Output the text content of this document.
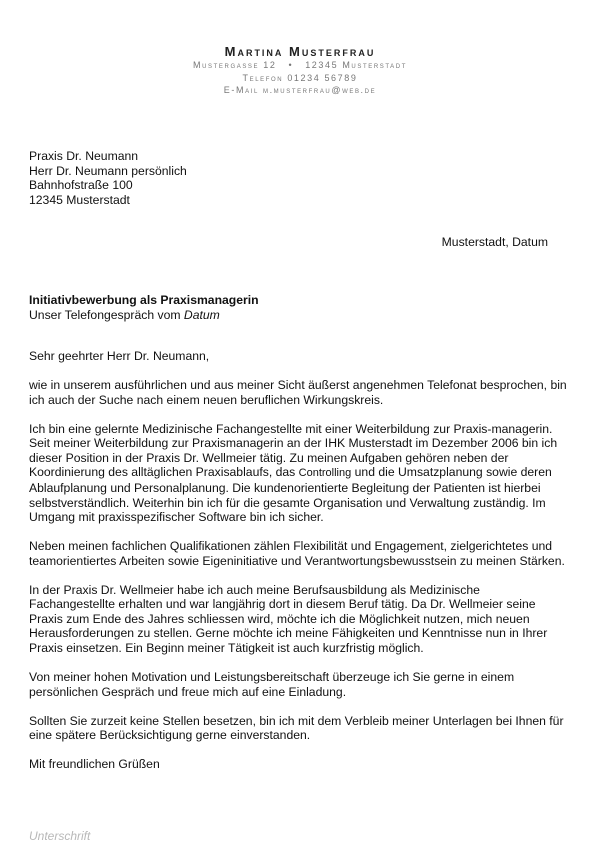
Martina Musterfrau
Mustergasse 12 • 12345 Musterstadt
Telefon 01234 56789
E-Mail m.musterfrau@web.de
Praxis Dr. Neumann
Herr Dr. Neumann persönlich
Bahnhofstraße 100
12345 Musterstadt
Musterstadt, Datum
Initiativbewerbung als Praxismanagerin
Unser Telefongespräch vom Datum

Sehr geehrter Herr Dr. Neumann,

wie in unserem ausführlichen und aus meiner Sicht äußerst angenehmen Telefonat besprochen, bin ich auch der Suche nach einem neuen beruflichen Wirkungskreis.

Ich bin eine gelernte Medizinische Fachangestellte mit einer Weiterbildung zur Praxis-managerin. Seit meiner Weiterbildung zur Praxismanagerin an der IHK Musterstadt im Dezember 2006 bin ich dieser Position in der Praxis Dr. Wellmeier tätig. Zu meinen Aufgaben gehören neben der Koordinierung des alltäglichen Praxisablaufs, das Controlling und die Umsatzplanung sowie deren Ablaufplanung und Personalplanung. Die kundenorientierte Begleitung der Patienten ist hierbei selbstverständlich. Weiterhin bin ich für die gesamte Organisation und Verwaltung zuständig. Im Umgang mit praxisspezifischer Software bin ich sicher.

Neben meinen fachlichen Qualifikationen zählen Flexibilität und Engagement, zielgerichtetes und teamorientiertes Arbeiten sowie Eigeninitiative und Verantwortungsbewusstsein zu meinen Stärken.

In der Praxis Dr. Wellmeier habe ich auch meine Berufsausbildung als Medizinische Fachangestellte erhalten und war langjährig dort in diesem Beruf tätig. Da Dr. Wellmeier seine Praxis zum Ende des Jahres schliessen wird, möchte ich die Möglichkeit nutzen, mich neuen Herausforderungen zu stellen. Gerne möchte ich meine Fähigkeiten und Kenntnisse nun in Ihrer Praxis einsetzen. Ein Beginn meiner Tätigkeit ist auch kurzfristig möglich.

Von meiner hohen Motivation und Leistungsbereitschaft überzeuge ich Sie gerne in einem persönlichen Gespräch und freue mich auf eine Einladung.

Sollten Sie zurzeit keine Stellen besetzen, bin ich mit dem Verbleib meiner Unterlagen bei Ihnen für eine spätere Berücksichtigung gerne einverstanden.

Mit freundlichen Grüßen

Unterschrift
